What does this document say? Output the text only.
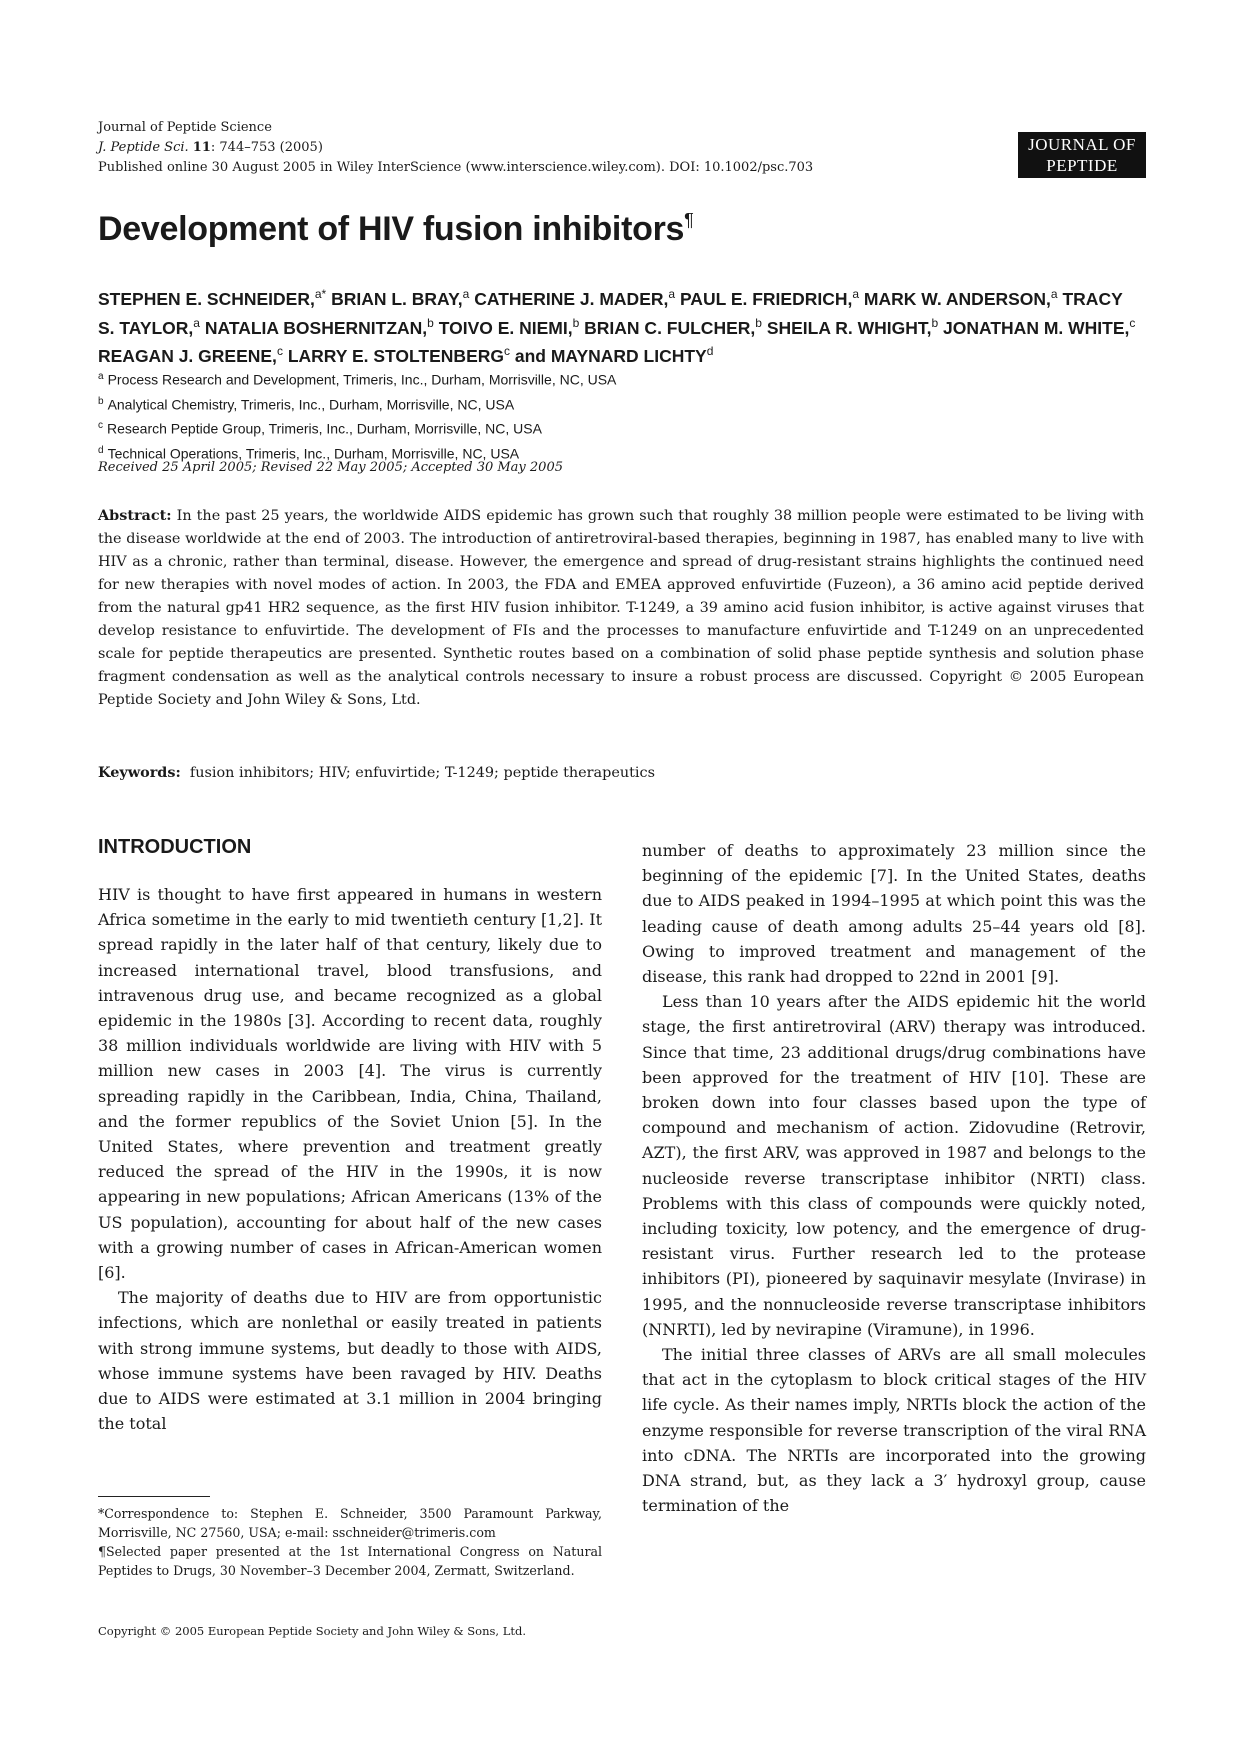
Journal of Peptide Science
J. Peptide Sci. 11: 744–753 (2005)
Published online 30 August 2005 in Wiley InterScience (www.interscience.wiley.com). DOI: 10.1002/psc.703
JOURNAL OF
PEPTIDE SCIENCE
Development of HIV fusion inhibitors¶
STEPHEN E. SCHNEIDER,$^{a*}$ BRIAN L. BRAY,$^a$ CATHERINE J. MADER,$^a$ PAUL E. FRIEDRICH,$^a$ MARK W. ANDERSON,$^a$ TRACY S. TAYLOR,$^a$ NATALIA BOSHERNITZAN,$^b$ TOIVO E. NIEMI,$^b$ BRIAN C. FULCHER,$^b$ SHEILA R. WHIGHT,$^b$ JONATHAN M. WHITE,$^c$ REAGAN J. GREENE,$^c$ LARRY E. STOLTENBERG$^c$ and MAYNARD LICHTY$^d$
$^a$ Process Research and Development, Trimeris, Inc., Durham, Morrisville, NC, USA
$^b$ Analytical Chemistry, Trimeris, Inc., Durham, Morrisville, NC, USA
$^c$ Research Peptide Group, Trimeris, Inc., Durham, Morrisville, NC, USA
$^d$ Technical Operations, Trimeris, Inc., Durham, Morrisville, NC, USA
Received 25 April 2005; Revised 22 May 2005; Accepted 30 May 2005
Abstract: In the past 25 years, the worldwide AIDS epidemic has grown such that roughly 38 million people were estimated to be living with the disease worldwide at the end of 2003. The introduction of antiretroviral-based therapies, beginning in 1987, has enabled many to live with HIV as a chronic, rather than terminal, disease. However, the emergence and spread of drug-resistant strains highlights the continued need for new therapies with novel modes of action. In 2003, the FDA and EMEA approved enfuvirtide (Fuzeon), a 36 amino acid peptide derived from the natural gp41 HR2 sequence, as the first HIV fusion inhibitor. T-1249, a 39 amino acid fusion inhibitor, is active against viruses that develop resistance to enfuvirtide. The development of FIs and the processes to manufacture enfuvirtide and T-1249 on an unprecedented scale for peptide therapeutics are presented. Synthetic routes based on a combination of solid phase peptide synthesis and solution phase fragment condensation as well as the analytical controls necessary to insure a robust process are discussed. Copyright © 2005 European Peptide Society and John Wiley & Sons, Ltd.
Keywords: fusion inhibitors; HIV; enfuvirtide; T-1249; peptide therapeutics
INTRODUCTION

HIV is thought to have first appeared in humans in western Africa sometime in the early to mid twentieth century [1,2]. It spread rapidly in the later half of that century, likely due to increased international travel, blood transfusions, and intravenous drug use, and became recognized as a global epidemic in the 1980s [3]. According to recent data, roughly 38 million individuals worldwide are living with HIV with 5 million new cases in 2003 [4]. The virus is currently spreading rapidly in the Caribbean, India, China, Thailand, and the former republics of the Soviet Union [5]. In the United States, where prevention and treatment greatly reduced the spread of the HIV in the 1990s, it is now appearing in new populations; African Americans (13% of the US population), accounting for about half of the new cases with a growing number of cases in African-American women [6].

The majority of deaths due to HIV are from opportunistic infections, which are nonlethal or easily treated in patients with strong immune systems, but deadly to those with AIDS, whose immune systems have been ravaged by HIV. Deaths due to AIDS were estimated at 3.1 million in 2004 bringing the total

number of deaths to approximately 23 million since the beginning of the epidemic [7]. In the United States, deaths due to AIDS peaked in 1994–1995 at which point this was the leading cause of death among adults 25–44 years old [8]. Owing to improved treatment and management of the disease, this rank had dropped to 22nd in 2001 [9].

Less than 10 years after the AIDS epidemic hit the world stage, the first antiretroviral (ARV) therapy was introduced. Since that time, 23 additional drugs/drug combinations have been approved for the treatment of HIV [10]. These are broken down into four classes based upon the type of compound and mechanism of action. Zidovudine (Retrovir, AZT), the first ARV, was approved in 1987 and belongs to the nucleoside reverse transcriptase inhibitor (NRTI) class. Problems with this class of compounds were quickly noted, including toxicity, low potency, and the emergence of drug-resistant virus. Further research led to the protease inhibitors (PI), pioneered by saquinavir mesylate (Invirase) in 1995, and the nonnucleoside reverse transcriptase inhibitors (NNRTI), led by nevirapine (Viramune), in 1996.

The initial three classes of ARVs are all small molecules that act in the cytoplasm to block critical stages of the HIV life cycle. As their names imply, NRTIs block the action of the enzyme responsible for reverse transcription of the viral RNA into cDNA. The NRTIs are incorporated into the growing DNA strand, but, as they lack a 3′ hydroxyl group, cause termination of the

*Correspondence to: Stephen E. Schneider, 3500 Paramount Parkway, Morrisville, NC 27560, USA; e-mail: sschneider@trimeris.com

¶Selected paper presented at the 1st International Congress on Natural Peptides to Drugs, 30 November–3 December 2004, Zermatt, Switzerland.

Copyright © 2005 European Peptide Society and John Wiley & Sons, Ltd.
